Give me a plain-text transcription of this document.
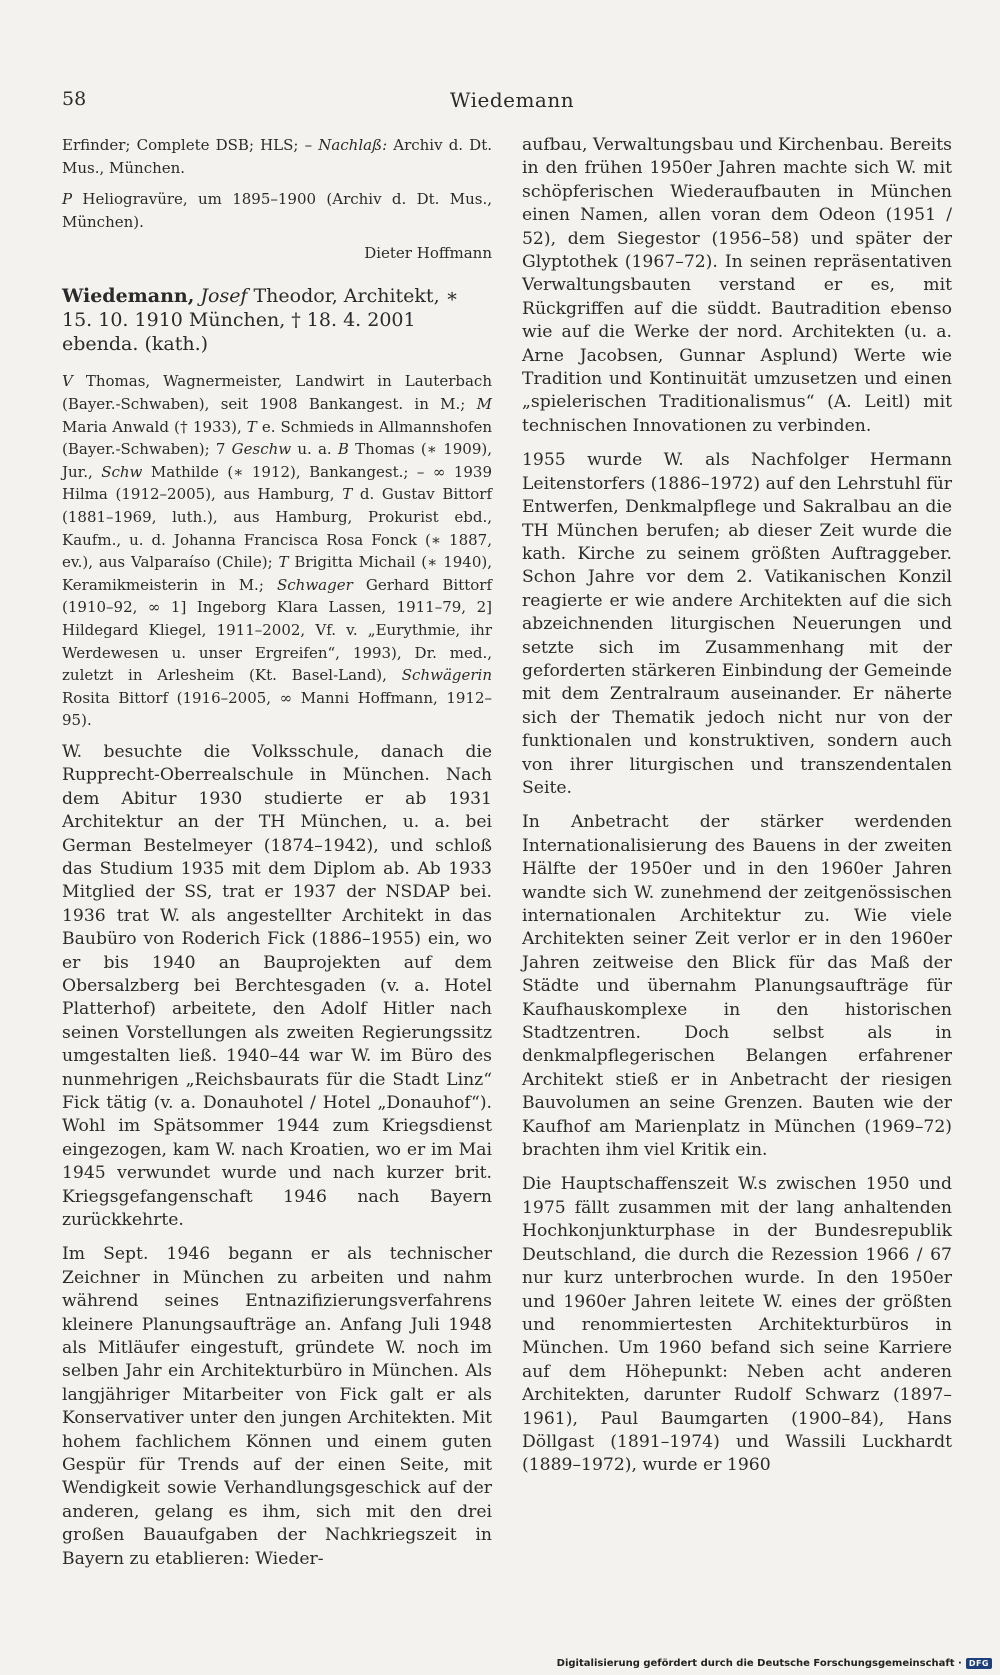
58	Wiedemann

Erfinder; Complete DSB; HLS; – Nachlaß: Archiv d. Dt. Mus., München.

P Heliogravüre, um 1895–1900 (Archiv d. Dt. Mus., München).

Dieter Hoffmann

Wiedemann, Josef Theodor, Architekt, ∗ 15. 10. 1910 München, † 18. 4. 2001 ebenda. (kath.)

V Thomas, Wagnermeister, Landwirt in Lauterbach (Bayer.-Schwaben), seit 1908 Bankangest. in M.; M Maria Anwald († 1933), T e. Schmieds in Allmannshofen (Bayer.-Schwaben); 7 Geschw u. a. B Thomas (∗ 1909), Jur., Schw Mathilde (∗ 1912), Bankangest.; – ∞ 1939 Hilma (1912–2005), aus Hamburg, T d. Gustav Bittorf (1881–1969, luth.), aus Hamburg, Prokurist ebd., Kaufm., u. d. Johanna Francisca Rosa Fonck (∗ 1887, ev.), aus Valparaíso (Chile); T Brigitta Michail (∗ 1940), Keramikmeisterin in M.; Schwager Gerhard Bittorf (1910–92, ∞ 1] Ingeborg Klara Lassen, 1911–79, 2] Hildegard Kliegel, 1911–2002, Vf. v. „Eurythmie, ihr Werdewesen u. unser Ergreifen“, 1993), Dr. med., zuletzt in Arlesheim (Kt. Basel-Land), Schwägerin Rosita Bittorf (1916–2005, ∞ Manni Hoffmann, 1912–95).

W. besuchte die Volksschule, danach die Rupprecht-Oberrealschule in München. Nach dem Abitur 1930 studierte er ab 1931 Architektur an der TH München, u. a. bei German Bestelmeyer (1874–1942), und schloß das Studium 1935 mit dem Diplom ab. Ab 1933 Mitglied der SS, trat er 1937 der NSDAP bei. 1936 trat W. als angestellter Architekt in das Baubüro von Roderich Fick (1886–1955) ein, wo er bis 1940 an Bauprojekten auf dem Obersalzberg bei Berchtesgaden (v. a. Hotel Platterhof) arbeitete, den Adolf Hitler nach seinen Vorstellungen als zweiten Regierungssitz umgestalten ließ. 1940–44 war W. im Büro des nunmehrigen „Reichsbaurats für die Stadt Linz“ Fick tätig (v. a. Donauhotel / Hotel „Donauhof“). Wohl im Spätsommer 1944 zum Kriegsdienst eingezogen, kam W. nach Kroatien, wo er im Mai 1945 verwundet wurde und nach kurzer brit. Kriegsgefangenschaft 1946 nach Bayern zurückkehrte.

Im Sept. 1946 begann er als technischer Zeichner in München zu arbeiten und nahm während seines Entnazifizierungsverfahrens kleinere Planungsaufträge an. Anfang Juli 1948 als Mitläufer eingestuft, gründete W. noch im selben Jahr ein Architekturbüro in München. Als langjähriger Mitarbeiter von Fick galt er als Konservativer unter den jungen Architekten. Mit hohem fachlichem Können und einem guten Gespür für Trends auf der einen Seite, mit Wendigkeit sowie Verhandlungsgeschick auf der anderen, gelang es ihm, sich mit den drei großen Bauaufgaben der Nachkriegszeit in Bayern zu etablieren: Wieder-

aufbau, Verwaltungsbau und Kirchenbau. Bereits in den frühen 1950er Jahren machte sich W. mit schöpferischen Wiederaufbauten in München einen Namen, allen voran dem Odeon (1951 / 52), dem Siegestor (1956–58) und später der Glyptothek (1967–72). In seinen repräsentativen Verwaltungsbauten verstand er es, mit Rückgriffen auf die süddt. Bautradition ebenso wie auf die Werke der nord. Architekten (u. a. Arne Jacobsen, Gunnar Asplund) Werte wie Tradition und Kontinuität umzusetzen und einen „spielerischen Traditionalismus“ (A. Leitl) mit technischen Innovationen zu verbinden.

1955 wurde W. als Nachfolger Hermann Leitenstorfers (1886–1972) auf den Lehrstuhl für Entwerfen, Denkmalpflege und Sakralbau an die TH München berufen; ab dieser Zeit wurde die kath. Kirche zu seinem größten Auftraggeber. Schon Jahre vor dem 2. Vatikanischen Konzil reagierte er wie andere Architekten auf die sich abzeichnenden liturgischen Neuerungen und setzte sich im Zusammenhang mit der geforderten stärkeren Einbindung der Gemeinde mit dem Zentralraum auseinander. Er näherte sich der Thematik jedoch nicht nur von der funktionalen und konstruktiven, sondern auch von ihrer liturgischen und transzendentalen Seite.

In Anbetracht der stärker werdenden Internationalisierung des Bauens in der zweiten Hälfte der 1950er und in den 1960er Jahren wandte sich W. zunehmend der zeitgenössischen internationalen Architektur zu. Wie viele Architekten seiner Zeit verlor er in den 1960er Jahren zeitweise den Blick für das Maß der Städte und übernahm Planungsaufträge für Kaufhauskomplexe in den historischen Stadtzentren. Doch selbst als in denkmalpflegerischen Belangen erfahrener Architekt stieß er in Anbetracht der riesigen Bauvolumen an seine Grenzen. Bauten wie der Kaufhof am Marienplatz in München (1969–72) brachten ihm viel Kritik ein.

Die Hauptschaffenszeit W.s zwischen 1950 und 1975 fällt zusammen mit der lang anhaltenden Hochkonjunkturphase in der Bundesrepublik Deutschland, die durch die Rezession 1966 / 67 nur kurz unterbrochen wurde. In den 1950er und 1960er Jahren leitete W. eines der größten und renommiertesten Architekturbüros in München. Um 1960 befand sich seine Karriere auf dem Höhepunkt: Neben acht anderen Architekten, darunter Rudolf Schwarz (1897–1961), Paul Baumgarten (1900–84), Hans Döllgast (1891–1974) und Wassili Luckhardt (1889–1972), wurde er 1960

Digitalisierung gefördert durch die Deutsche Forschungsgemeinschaft · DFG
